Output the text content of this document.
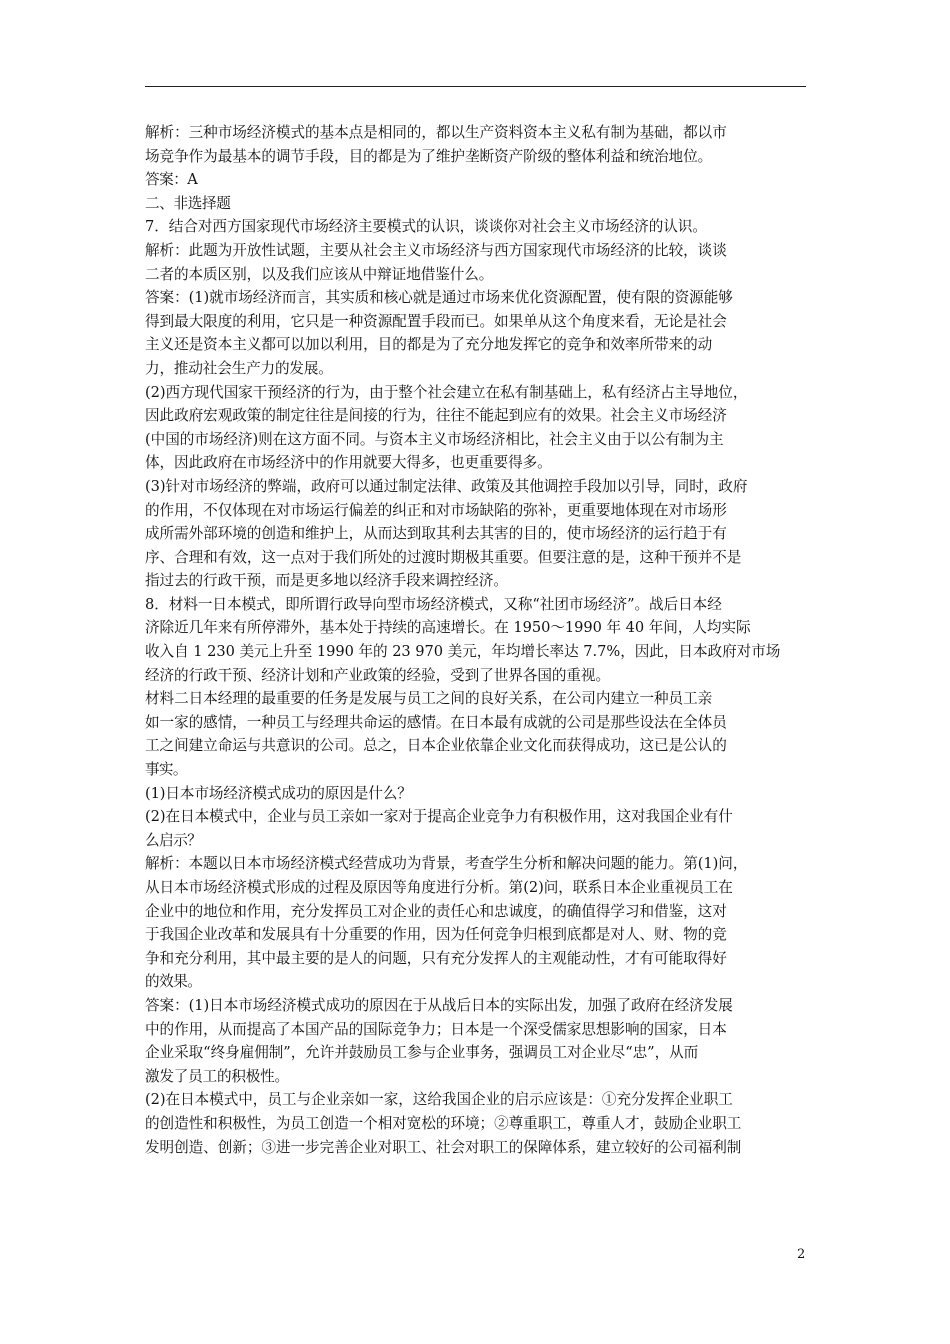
解析：三种市场经济模式的基本点是相同的，都以生产资料资本主义私有制为基础，都以市
场竞争作为最基本的调节手段，目的都是为了维护垄断资产阶级的整体利益和统治地位。
答案：A
二、非选择题
7．结合对西方国家现代市场经济主要模式的认识，谈谈你对社会主义市场经济的认识。
解析：此题为开放性试题，主要从社会主义市场经济与西方国家现代市场经济的比较，谈谈
二者的本质区别，以及我们应该从中辩证地借鉴什么。
答案：(1)就市场经济而言，其实质和核心就是通过市场来优化资源配置，使有限的资源能够
得到最大限度的利用，它只是一种资源配置手段而已。如果单从这个角度来看，无论是社会
主义还是资本主义都可以加以利用，目的都是为了充分地发挥它的竞争和效率所带来的动
力，推动社会生产力的发展。
(2)西方现代国家干预经济的行为，由于整个社会建立在私有制基础上，私有经济占主导地位，
因此政府宏观政策的制定往往是间接的行为，往往不能起到应有的效果。社会主义市场经济
(中国的市场经济)则在这方面不同。与资本主义市场经济相比，社会主义由于以公有制为主
体，因此政府在市场经济中的作用就要大得多，也更重要得多。
(3)针对市场经济的弊端，政府可以通过制定法律、政策及其他调控手段加以引导，同时，政府
的作用，不仅体现在对市场运行偏差的纠正和对市场缺陷的弥补，更重要地体现在对市场形
成所需外部环境的创造和维护上，从而达到取其利去其害的目的，使市场经济的运行趋于有
序、合理和有效，这一点对于我们所处的过渡时期极其重要。但要注意的是，这种干预并不是
指过去的行政干预，而是更多地以经济手段来调控经济。
8．材料一日本模式，即所谓行政导向型市场经济模式，又称“社团市场经济”。战后日本经
济除近几年来有所停滞外，基本处于持续的高速增长。在 1950～1990 年 40 年间，人均实际
收入自 1 230 美元上升至 1990 年的 23 970 美元，年均增长率达 7.7%，因此，日本政府对市场
经济的行政干预、经济计划和产业政策的经验，受到了世界各国的重视。
材料二日本经理的最重要的任务是发展与员工之间的良好关系，在公司内建立一种员工亲
如一家的感情，一种员工与经理共命运的感情。在日本最有成就的公司是那些设法在全体员
工之间建立命运与共意识的公司。总之，日本企业依靠企业文化而获得成功，这已是公认的
事实。
(1)日本市场经济模式成功的原因是什么？
(2)在日本模式中，企业与员工亲如一家对于提高企业竞争力有积极作用，这对我国企业有什
么启示？
解析：本题以日本市场经济模式经营成功为背景，考查学生分析和解决问题的能力。第(1)问，
从日本市场经济模式形成的过程及原因等角度进行分析。第(2)问，联系日本企业重视员工在
企业中的地位和作用，充分发挥员工对企业的责任心和忠诚度，的确值得学习和借鉴，这对
于我国企业改革和发展具有十分重要的作用，因为任何竞争归根到底都是对人、财、物的竞
争和充分利用，其中最主要的是人的问题，只有充分发挥人的主观能动性，才有可能取得好
的效果。
答案：(1)日本市场经济模式成功的原因在于从战后日本的实际出发，加强了政府在经济发展
中的作用，从而提高了本国产品的国际竞争力；日本是一个深受儒家思想影响的国家，日本
企业采取“终身雇佣制”，允许并鼓励员工参与企业事务，强调员工对企业尽“忠”，从而
激发了员工的积极性。
(2)在日本模式中，员工与企业亲如一家，这给我国企业的启示应该是：①充分发挥企业职工
的创造性和积极性，为员工创造一个相对宽松的环境；②尊重职工，尊重人才，鼓励企业职工
发明创造、创新；③进一步完善企业对职工、社会对职工的保障体系，建立较好的公司福利制
2
